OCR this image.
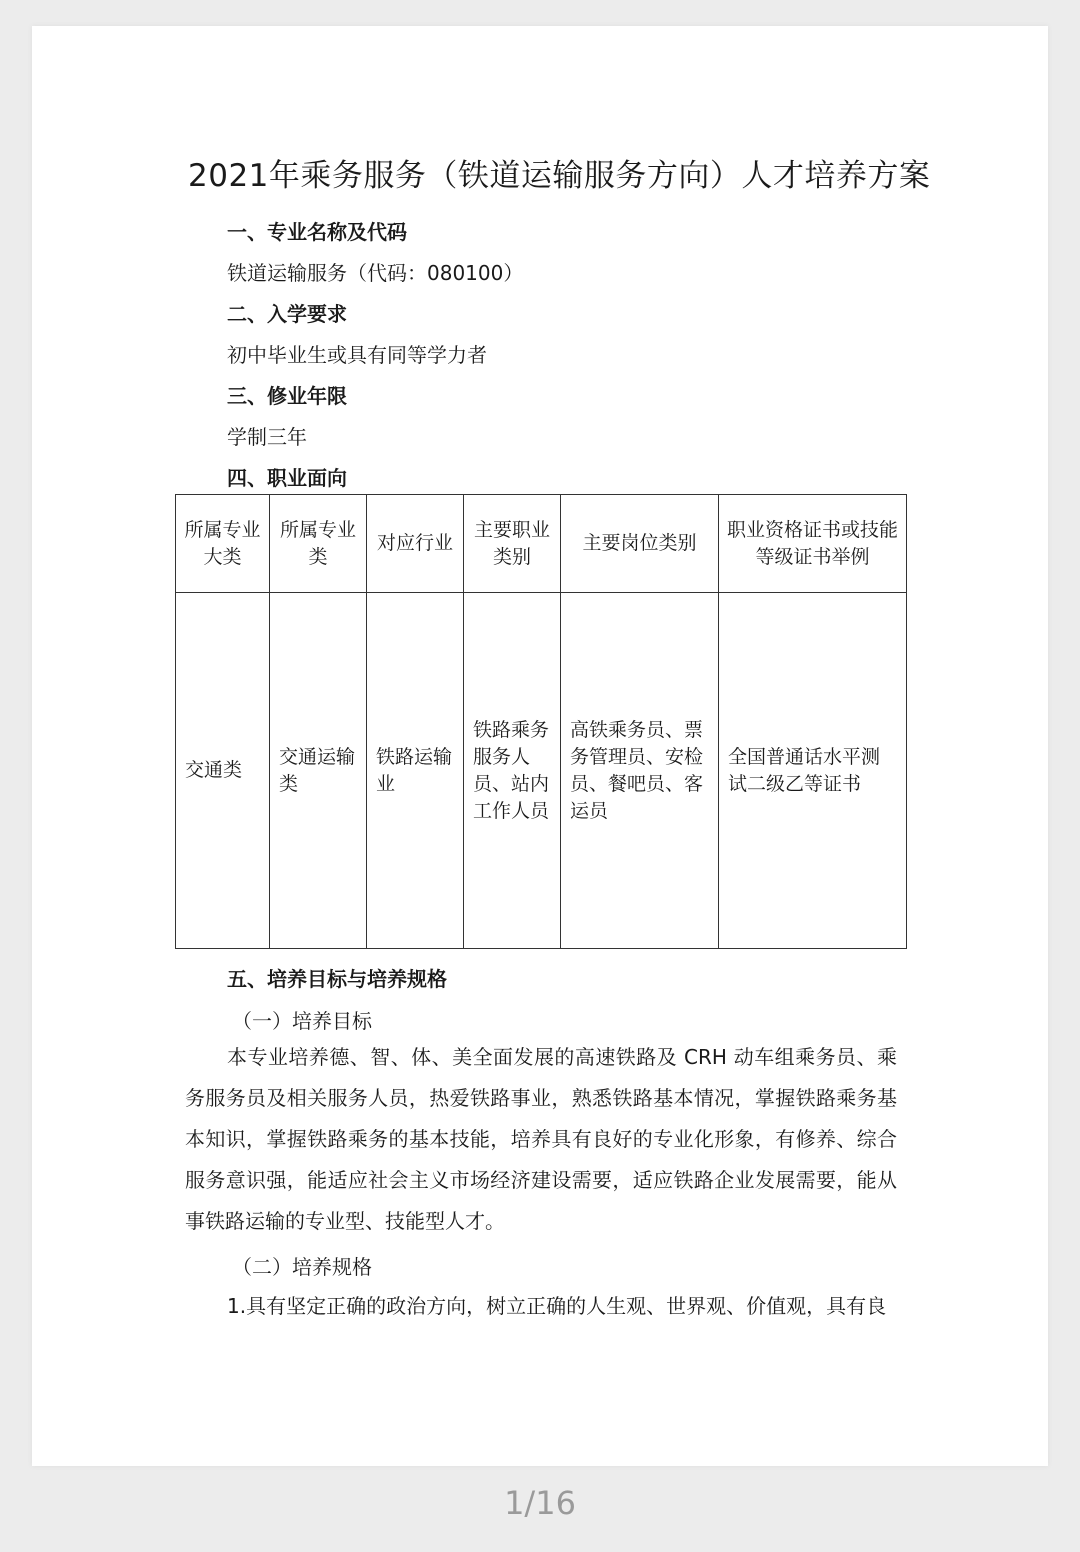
2021年乘务服务（铁道运输服务方向）人才培养方案
一、专业名称及代码
铁道运输服务（代码：080100）
二、入学要求
初中毕业生或具有同等学力者
三、修业年限
学制三年
四、职业面向
所属专业大类	所属专业类	对应行业	主要职业类别	主要岗位类别	职业资格证书或技能等级证书举例
交通类	交通运输类	铁路运输业	铁路乘务服务人员、站内工作人员	高铁乘务员、票务管理员、安检员、餐吧员、客运员	全国普通话水平测试二级乙等证书
五、培养目标与培养规格
（一）培养目标
本专业培养德、智、体、美全面发展的高速铁路及 CRH 动车组乘务员、乘务服务员及相关服务人员，热爱铁路事业，熟悉铁路基本情况，掌握铁路乘务基本知识，掌握铁路乘务的基本技能，培养具有良好的专业化形象，有修养、综合服务意识强，能适应社会主义市场经济建设需要，适应铁路企业发展需要，能从事铁路运输的专业型、技能型人才。
（二）培养规格
1.具有坚定正确的政治方向，树立正确的人生观、世界观、价值观，具有良
1/16
